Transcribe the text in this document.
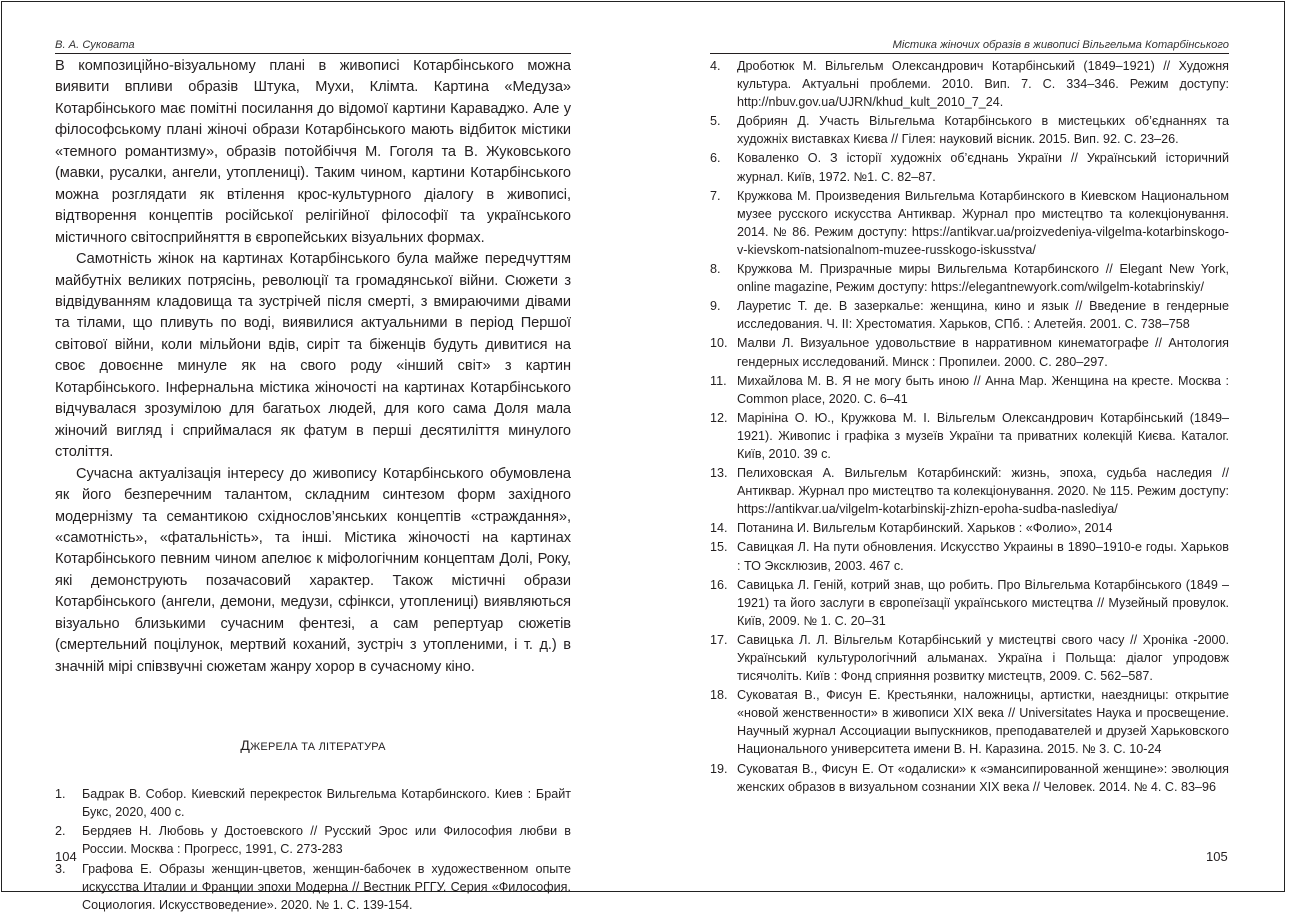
В. А. Суковата

В композиційно-візуальному плані в живописі Котарбінського можна виявити впливи образів Штука, Мухи, Клімта. Картина «Медуза» Котарбінського має помітні посилання до відомої картини Караваджо. Але у філософському плані жіночі образи Котарбінського мають відбиток містики «темного романтизму», образів потойбіччя М. Гоголя та В. Жуковського (мавки, русалки, ангели, утоплениці). Таким чином, картини Котарбінського можна розглядати як втілення крос-культурного діалогу в живописі, відтворення концептів російської релігійної філософії та українського містичного світосприйняття в європейських візуальних формах.

Самотність жінок на картинах Котарбінського була майже передчуттям майбутніх великих потрясінь, революції та громадянської війни. Сюжети з відвідуванням кладовища та зустрічей після смерті, з вмираючими дівами та тілами, що пливуть по воді, виявилися актуальними в період Першої світової війни, коли мільйони вдів, сиріт та біженців будуть дивитися на своє довоєнне минуле як на свого роду «інший світ» з картин Котарбінського. Інфернальна містика жіночості на картинах Котарбінського відчувалася зрозумілою для багатьох людей, для кого сама Доля мала жіночий вигляд і сприймалася як фатум в перші десятиліття минулого століття.

Сучасна актуалізація інтересу до живопису Котарбінського обумовлена як його безперечним талантом, складним синтезом форм західного модернізму та семантикою східнослов’янських концептів «страждання», «самотність», «фатальність», та інші. Містика жіночості на картинах Котарбінського певним чином апелює к міфологічним концептам Долі, Року, які демонструють позачасовий характер. Також містичні образи Котарбінського (ангели, демони, медузи, сфінкси, утоплениці) виявляються візуально близькими сучасним фентезі, а сам репертуар сюжетів (смертельний поцілунок, мертвий коханий, зустріч з утопленими, і т. д.) в значній мірі співзвучні сюжетам жанру хорор в сучасному кіно.

ДЖЕРЕЛА ТА ЛІТЕРАТУРА
1. Бадрак В. Собор. Киевский перекресток Вильгельма Котарбинского. Киев : Брайт Букс, 2020, 400 с.
2. Бердяев Н. Любовь у Достоевского // Русский Эрос или Философия любви в России. Москва : Прогресс, 1991, С. 273-283
3. Графова Е. Образы женщин-цветов, женщин-бабочек в художественном опыте искусства Италии и Франции эпохи Модерна // Вестник РГГУ. Серия «Философия. Социология. Искусствоведение». 2020. № 1. С. 139-154.
104
Містика жіночих образів в живописі Вільгельма Котарбінського
4. Дроботюк М. Вільгельм Олександрович Котарбінський (1849–1921) // Художня культура. Актуальні проблеми. 2010. Вип. 7. С. 334–346. Режим доступу: http://nbuv.gov.ua/UJRN/khud_kult_2010_7_24.
5. Добриян Д. Участь Вільгельма Котарбінського в мистецьких об’єднаннях та художніх виставках Києва // Гілея: науковий вісник. 2015. Вип. 92. С. 23–26.
6. Коваленко О. З історії художніх об’єднань України // Український історичний журнал. Київ, 1972. №1. С. 82–87.
7. Кружкова М. Произведения Вильгельма Котарбинского в Киевском Национальном музее русского искусства Антиквар. Журнал про мистецтво та колекціонування. 2014. № 86. Режим доступу: https://antikvar.ua/proizvedeniya-vilgelma-kotarbinskogo-v-kievskom-natsionalnom-muzee-russkogo-iskusstva/
8. Кружкова М. Призрачные миры Вильгельма Котарбинского // Elegant New York, online magazine, Режим доступу: https://elegantnewyork.com/wilgelm-kotabrinskiy/
9. Лауретис Т. де. В зазеркалье: женщина, кино и язык // Введение в гендерные исследования. Ч. II: Хрестоматия. Харьков, СПб. : Алетейя. 2001. С. 738–758
10. Малви Л. Визуальное удовольствие в нарративном кинематографе // Антология гендерных исследований. Минск : Пропилеи. 2000. С. 280–297.
11. Михайлова М. В. Я не могу быть иною // Анна Мар. Женщина на кресте. Москва : Common place, 2020. С. 6–41
12. Марініна О. Ю., Кружкова М. І. Вільгельм Олександрович Котарбінський (1849–1921). Живопис і графіка з музеїв України та приватних колекцій Києва. Каталог. Київ, 2010. 39 с.
13. Пелиховская А. Вильгельм Котарбинский: жизнь, эпоха, судьба наследия // Антиквар. Журнал про мистецтво та колекціонування. 2020. № 115. Режим доступу: https://antikvar.ua/vilgelm-kotarbinskij-zhizn-epoha-sudba-naslediya/
14. Потанина И. Вильгельм Котарбинский. Харьков : «Фолио», 2014
15. Савицкая Л. На пути обновления. Искусство Украины в 1890–1910-е годы. Харьков : ТО Эксклюзив, 2003. 467 с.
16. Савицька Л. Геній, котрий знав, що робить. Про Вільгельма Котарбінського (1849 – 1921) та його заслуги в європеїзації українського мистецтва // Музейный провулок. Київ, 2009. № 1. С. 20–31
17. Савицька Л. Л. Вільгельм Котарбінський у мистецтві свого часу // Хроніка -2000. Український культурологічний альманах. Україна і Польща: діалог упродовж тисячоліть. Київ : Фонд сприяння розвитку мистецтв, 2009. С. 562–587.
18. Суковатая В., Фисун Е. Крестьянки, наложницы, артистки, наездницы: открытие «новой женственности» в живописи XIX века // Universitates Наука и просвещение. Научный журнал Ассоциации выпускников, преподавателей и друзей Харьковского Национального университета имени В. Н. Каразина. 2015. № 3. С. 10-24
19. Суковатая В., Фисун Е. От «одалиски» к «эмансипированной женщине»: эволюция женских образов в визуальном сознании XIX века // Человек. 2014. № 4. С. 83–96
105
